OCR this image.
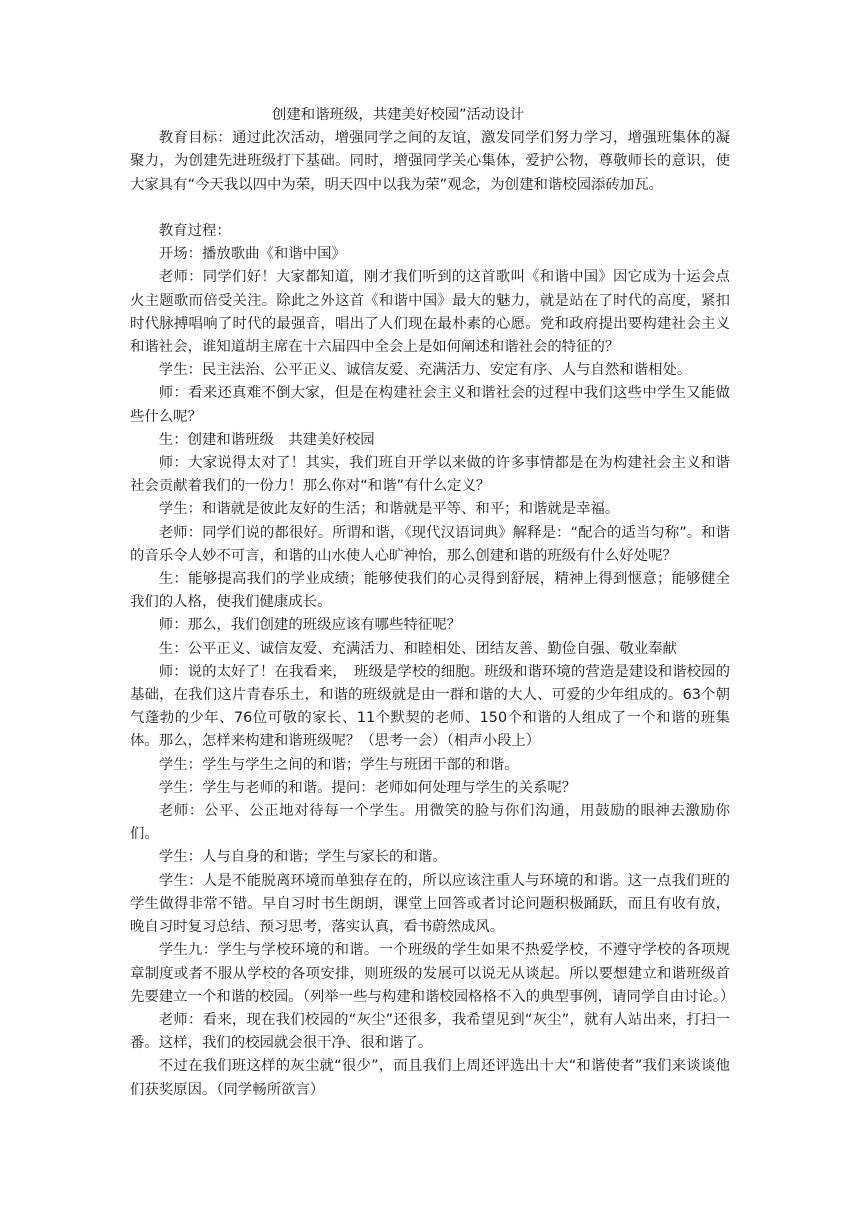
创建和谐班级，共建美好校园”活动设计

教育目标：通过此次活动，增强同学之间的友谊，激发同学们努力学习，增强班集体的凝聚力，为创建先进班级打下基础。同时，增强同学关心集体，爱护公物，尊敬师长的意识，使大家具有“今天我以四中为荣，明天四中以我为荣”观念，为创建和谐校园添砖加瓦。

教育过程：

开场：播放歌曲《和谐中国》

老师：同学们好！大家都知道，刚才我们听到的这首歌叫《和谐中国》因它成为十运会点火主题歌而倍受关注。除此之外这首《和谐中国》最大的魅力，就是站在了时代的高度，紧扣时代脉搏唱响了时代的最强音，唱出了人们现在最朴素的心愿。党和政府提出要构建社会主义和谐社会，谁知道胡主席在十六届四中全会上是如何阐述和谐社会的特征的？

学生：民主法治、公平正义、诚信友爱、充满活力、安定有序、人与自然和谐相处。

师：看来还真难不倒大家，但是在构建社会主义和谐社会的过程中我们这些中学生又能做些什么呢？

生：创建和谐班级　共建美好校园

师：大家说得太对了！其实，我们班自开学以来做的许多事情都是在为构建社会主义和谐社会贡献着我们的一份力！那么你对“和谐”有什么定义？

学生：和谐就是彼此友好的生活；和谐就是平等、和平；和谐就是幸福。

老师：同学们说的都很好。所谓和谐，《现代汉语词典》解释是：“配合的适当匀称”。和谐的音乐令人妙不可言，和谐的山水使人心旷神怡，那么创建和谐的班级有什么好处呢？

生：能够提高我们的学业成绩；能够使我们的心灵得到舒展，精神上得到惬意；能够健全我们的人格，使我们健康成长。

师：那么，我们创建的班级应该有哪些特征呢？

生：公平正义、诚信友爱、充满活力、和睦相处、团结友善、勤俭自强、敬业奉献

师：说的太好了！在我看来，　班级是学校的细胞。班级和谐环境的营造是建设和谐校园的基础，在我们这片青春乐土，和谐的班级就是由一群和谐的大人、可爱的少年组成的。63个朝气蓬勃的少年、76位可敬的家长、11个默契的老师、150个和谐的人组成了一个和谐的班集体。那么，怎样来构建和谐班级呢？（思考一会）（相声小段上）

学生：学生与学生之间的和谐；学生与班团干部的和谐。

学生：学生与老师的和谐。提问：老师如何处理与学生的关系呢？

老师：公平、公正地对待每一个学生。用微笑的脸与你们沟通，用鼓励的眼神去激励你们。

学生：人与自身的和谐；学生与家长的和谐。

学生：人是不能脱离环境而单独存在的，所以应该注重人与环境的和谐。这一点我们班的学生做得非常不错。早自习时书生朗朗，课堂上回答或者讨论问题积极踊跃，而且有收有放，晚自习时复习总结、预习思考，落实认真，看书蔚然成风。

学生九：学生与学校环境的和谐。一个班级的学生如果不热爱学校，不遵守学校的各项规章制度或者不服从学校的各项安排，则班级的发展可以说无从谈起。所以要想建立和谐班级首先要建立一个和谐的校园。（列举一些与构建和谐校园格格不入的典型事例，请同学自由讨论。）

老师：看来，现在我们校园的“灰尘”还很多，我希望见到“灰尘”，就有人站出来，打扫一番。这样，我们的校园就会很干净、很和谐了。

不过在我们班这样的灰尘就“很少”，而且我们上周还评选出十大“和谐使者”我们来谈谈他们获奖原因。（同学畅所欲言）
